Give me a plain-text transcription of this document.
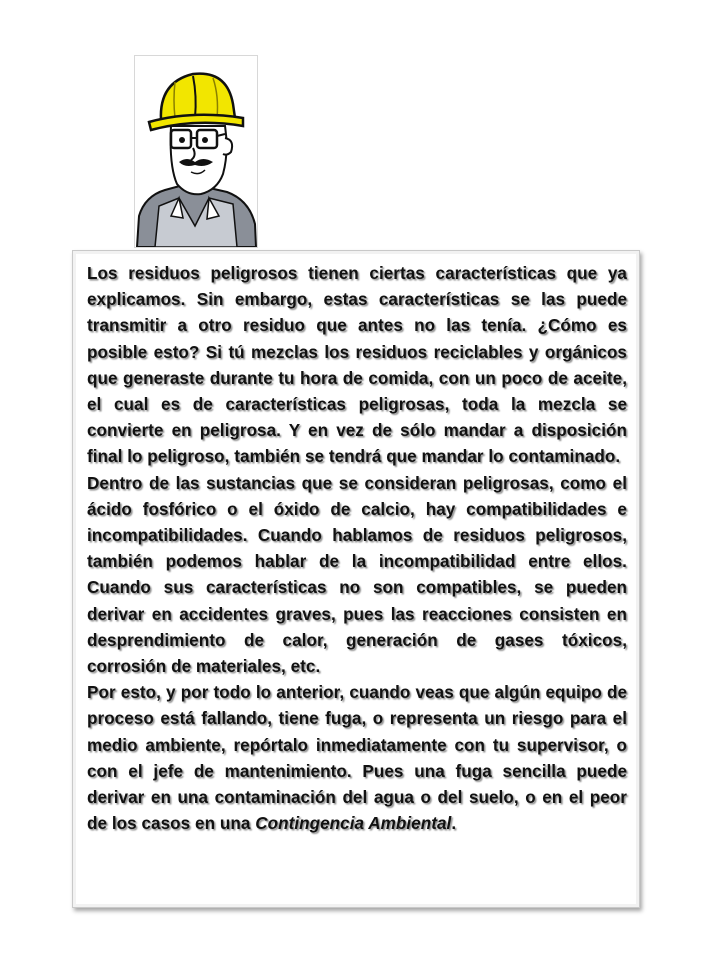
Los residuos peligrosos tienen ciertas características que ya explicamos. Sin embargo, estas características se las puede transmitir a otro residuo que antes no las tenía. ¿Cómo es posible esto? Si tú mezclas los residuos reciclables y orgánicos que generaste durante tu hora de comida, con un poco de aceite, el cual es de características peligrosas, toda la mezcla se convierte en peligrosa. Y en vez de sólo mandar a disposición final lo peligroso, también se tendrá que mandar lo contaminado.

Dentro de las sustancias que se consideran peligrosas, como el ácido fosfórico o el óxido de calcio, hay compatibilidades e incompatibilidades. Cuando hablamos de residuos peligrosos, también podemos hablar de la incompatibilidad entre ellos. Cuando sus características no son compatibles, se pueden derivar en accidentes graves, pues las reacciones consisten en desprendimiento de calor, generación de gases tóxicos, corrosión de materiales, etc.

Por esto, y por todo lo anterior, cuando veas que algún equipo de proceso está fallando, tiene fuga, o representa un riesgo para el medio ambiente, repórtalo inmediatamente con tu supervisor, o con el jefe de mantenimiento. Pues una fuga sencilla puede derivar en una contaminación del agua o del suelo, o en el peor de los casos en una Contingencia Ambiental.
